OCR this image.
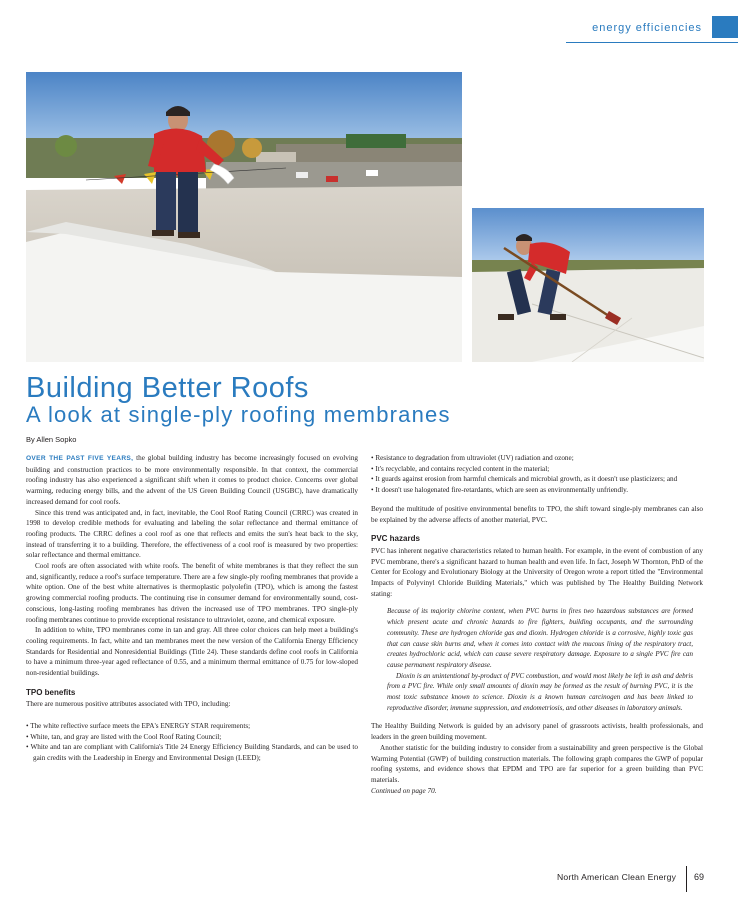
energy efficiencies
Building Better Roofs
A look at single-ply roofing membranes
By Allen Sopko

OVER THE PAST FIVE YEARS, the global building industry has become increasingly focused on evolving building and construction practices to be more environmentally responsible. In that context, the commercial roofing industry has also experienced a significant shift when it comes to product choice. Concerns over global warming, reducing energy bills, and the advent of the US Green Building Council (USGBC), have dramatically increased demand for cool roofs.

Since this trend was anticipated and, in fact, inevitable, the Cool Roof Rating Council (CRRC) was created in 1998 to develop credible methods for evaluating and labeling the solar reflectance and thermal emittance of roofing products. The CRRC defines a cool roof as one that reflects and emits the sun's heat back to the sky, instead of transferring it to a building. Therefore, the effectiveness of a cool roof is measured by two properties: solar reflectance and thermal emittance.

Cool roofs are often associated with white roofs. The benefit of white membranes is that they reflect the sun and, significantly, reduce a roof's surface temperature. There are a few single-ply roofing membranes that provide a white option. One of the best white alternatives is thermoplastic polyolefin (TPO), which is among the fastest growing commercial roofing products. The continuing rise in consumer demand for environmentally sound, cost-conscious, long-lasting roofing membranes has driven the increased use of TPO membranes. TPO single-ply roofing membranes continue to provide exceptional resistance to ultraviolet, ozone, and chemical exposure.

In addition to white, TPO membranes come in tan and gray. All three color choices can help meet a building's cooling requirements. In fact, white and tan membranes meet the new version of the California Energy Efficiency Standards for Residential and Nonresidential Buildings (Title 24). These standards define cool roofs in California to have a minimum three-year aged reflectance of 0.55, and a minimum thermal emittance of 0.75 for low-sloped non-residential buildings.

TPO benefits

There are numerous positive attributes associated with TPO, including:

• The white reflective surface meets the EPA's ENERGY STAR requirements;
• White, tan, and gray are listed with the Cool Roof Rating Council;
• White and tan are compliant with California's Title 24 Energy Efficiency Building Standards, and can be used to gain credits with the Leadership in Energy and Environmental Design (LEED);
• Resistance to degradation from ultraviolet (UV) radiation and ozone;
• It's recyclable, and contains recycled content in the material;
• It guards against erosion from harmful chemicals and microbial growth, as it doesn't use plasticizers; and
• It doesn't use halogenated fire-retardants, which are seen as environmentally unfriendly.

Beyond the multitude of positive environmental benefits to TPO, the shift toward single-ply membranes can also be explained by the adverse affects of another material, PVC.

PVC hazards

PVC has inherent negative characteristics related to human health. For example, in the event of combustion of any PVC membrane, there's a significant hazard to human health and even life. In fact, Joseph W Thornton, PhD of the Center for Ecology and Evolutionary Biology at the University of Oregon wrote a report titled the "Environmental Impacts of Polyvinyl Chloride Building Materials," which was published by The Healthy Building Network stating:

Because of its majority chlorine content, when PVC burns in fires two hazardous substances are formed which present acute and chronic hazards to fire fighters, building occupants, and the surrounding community. These are hydrogen chloride gas and dioxin. Hydrogen chloride is a corrosive, highly toxic gas that can cause skin burns and, when it comes into contact with the mucous lining of the respiratory tract, creates hydrochloric acid, which can cause severe respiratory damage. Exposure to a single PVC fire can cause permanent respiratory disease.

Dioxin is an unintentional by-product of PVC combustion, and would most likely be left in ash and debris from a PVC fire. While only small amounts of dioxin may be formed as the result of burning PVC, it is the most toxic substance known to science. Dioxin is a known human carcinogen and has been linked to reproductive disorder, immune suppression, and endometriosis, and other diseases in laboratory animals.

The Healthy Building Network is guided by an advisory panel of grassroots activists, health professionals, and leaders in the green building movement.

Another statistic for the building industry to consider from a sustainability and green perspective is the Global Warming Potential (GWP) of building construction materials. The following graph compares the GWP of popular roofing systems, and evidence shows that EPDM and TPO are far superior for a green building than PVC materials.

Continued on page 70.

North American Clean Energy 69
